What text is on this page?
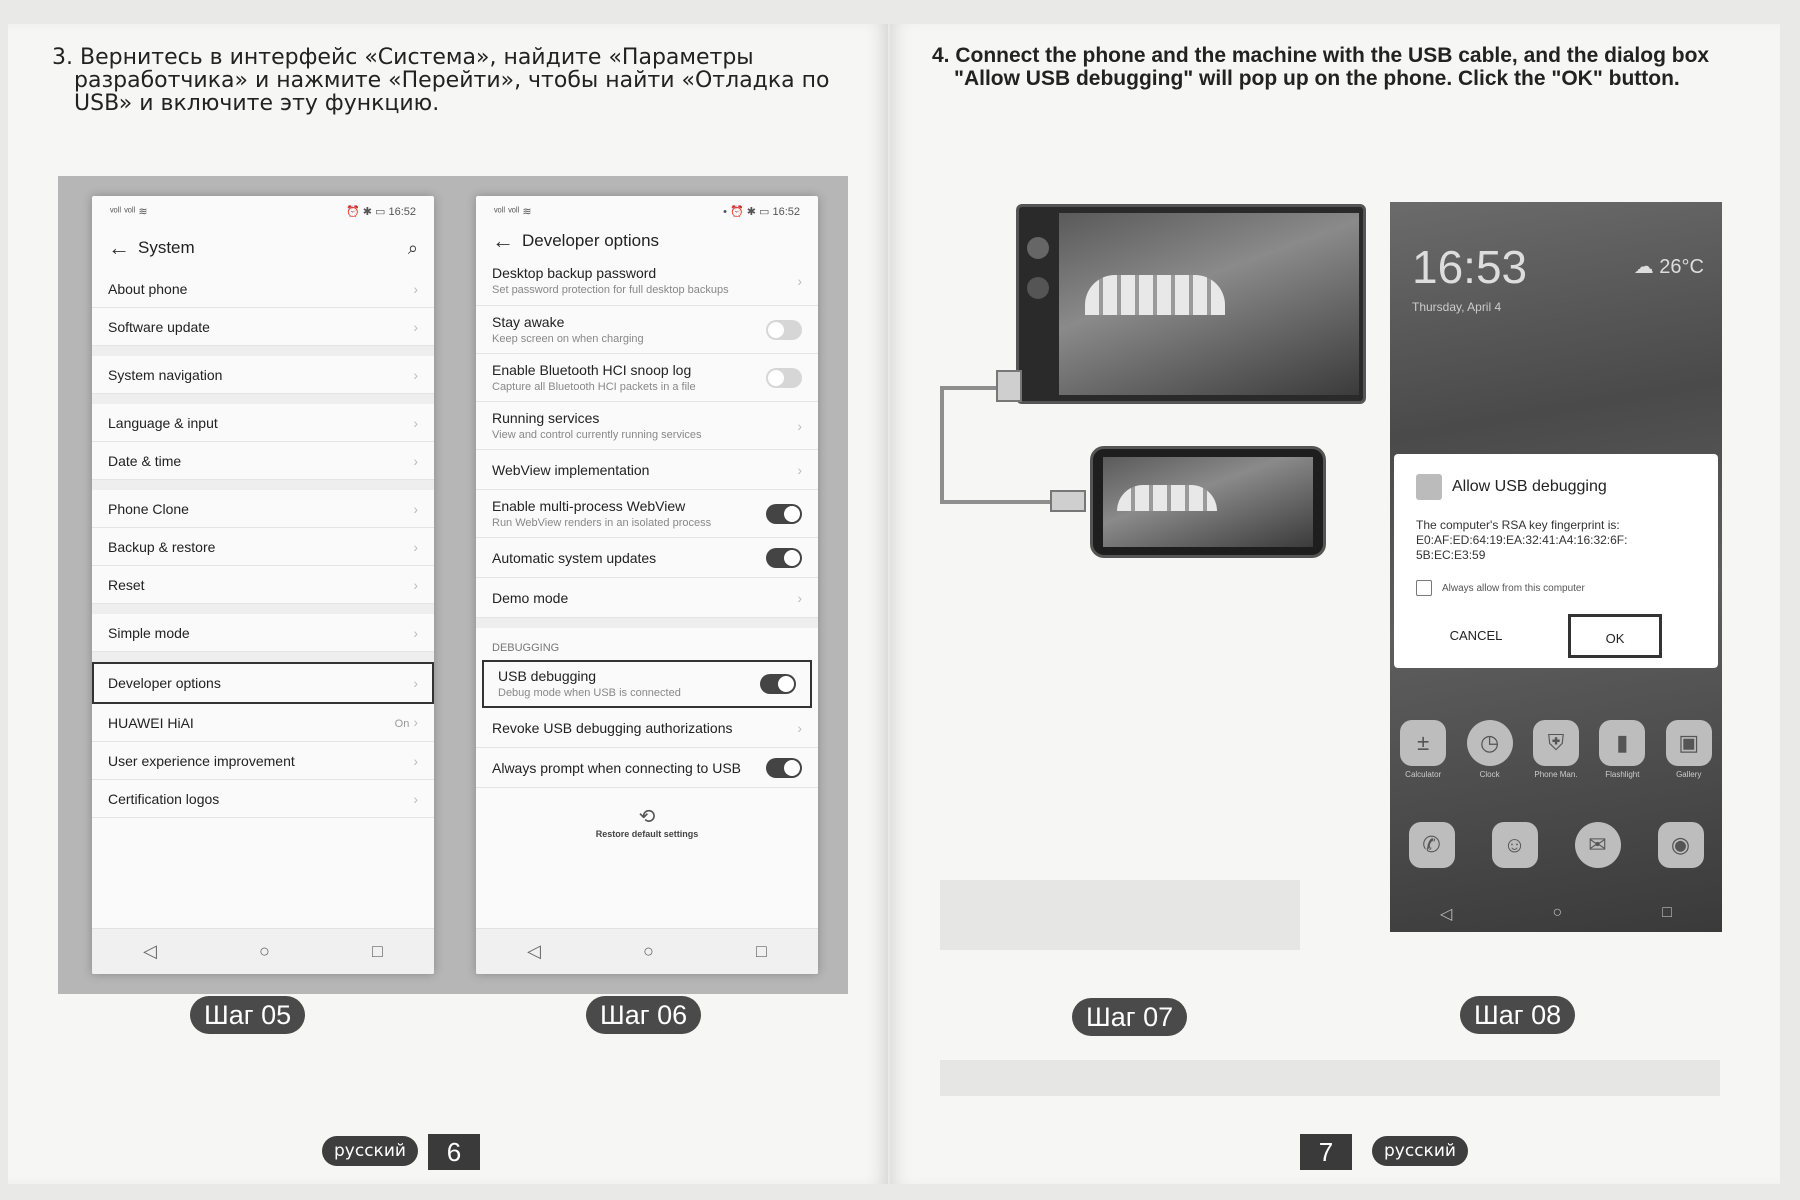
3. Вернитесь в интерфейс «Система», найдите «Параметры
разработчика» и нажмите «Перейти», чтобы найти «Отладка по
USB» и включите эту функцию.
ᵛᵒˡˡ ᵛᵒˡˡ ≋	⏰ ✱ ▭ 16:52
← System	⌕
About phone	›
Software update	›
System navigation	›
Language & input	›
Date & time	›
Phone Clone	›
Backup & restore	›
Reset	›
Simple mode	›
Developer options	›
HUAWEI HiAI	On ›
User experience improvement	›
Certification logos	›
◁	○	□
ᵛᵒˡˡ ᵛᵒˡˡ ≋	• ⏰ ✱ ▭ 16:52
← Developer options
Desktop backup password
Set password protection for full desktop backups
›
Stay awake
Keep screen on when charging
Enable Bluetooth HCI snoop log
Capture all Bluetooth HCI packets in a file
Running services
View and control currently running services
›
WebView implementation	›
Enable multi-process WebView
Run WebView renders in an isolated process
Automatic system updates
Demo mode	›
DEBUGGING
USB debugging
Debug mode when USB is connected
Revoke USB debugging authorizations	›
Always prompt when connecting to USB
⟲
Restore default settings
◁	○	□
Шаг 05	Шаг 06
русский	6
4. Connect the phone and the machine with the USB cable, and the dialog box
"Allow USB debugging" will pop up on the phone. Click the "OK" button.
16:53
Thursday, April 4
☁ 26°C
Allow USB debugging
The computer's RSA key fingerprint is: E0:AF:ED:64:19:EA:32:41:A4:16:32:6F: 5B:EC:E3:59
Always allow from this computer
CANCEL	OK
±
Calculator
◷
Clock
⛨
Phone Man.
▮
Flashlight
▣
Gallery
✆	☺	✉	◉
◁	○	□
Шаг 07	Шаг 08
7	русский
